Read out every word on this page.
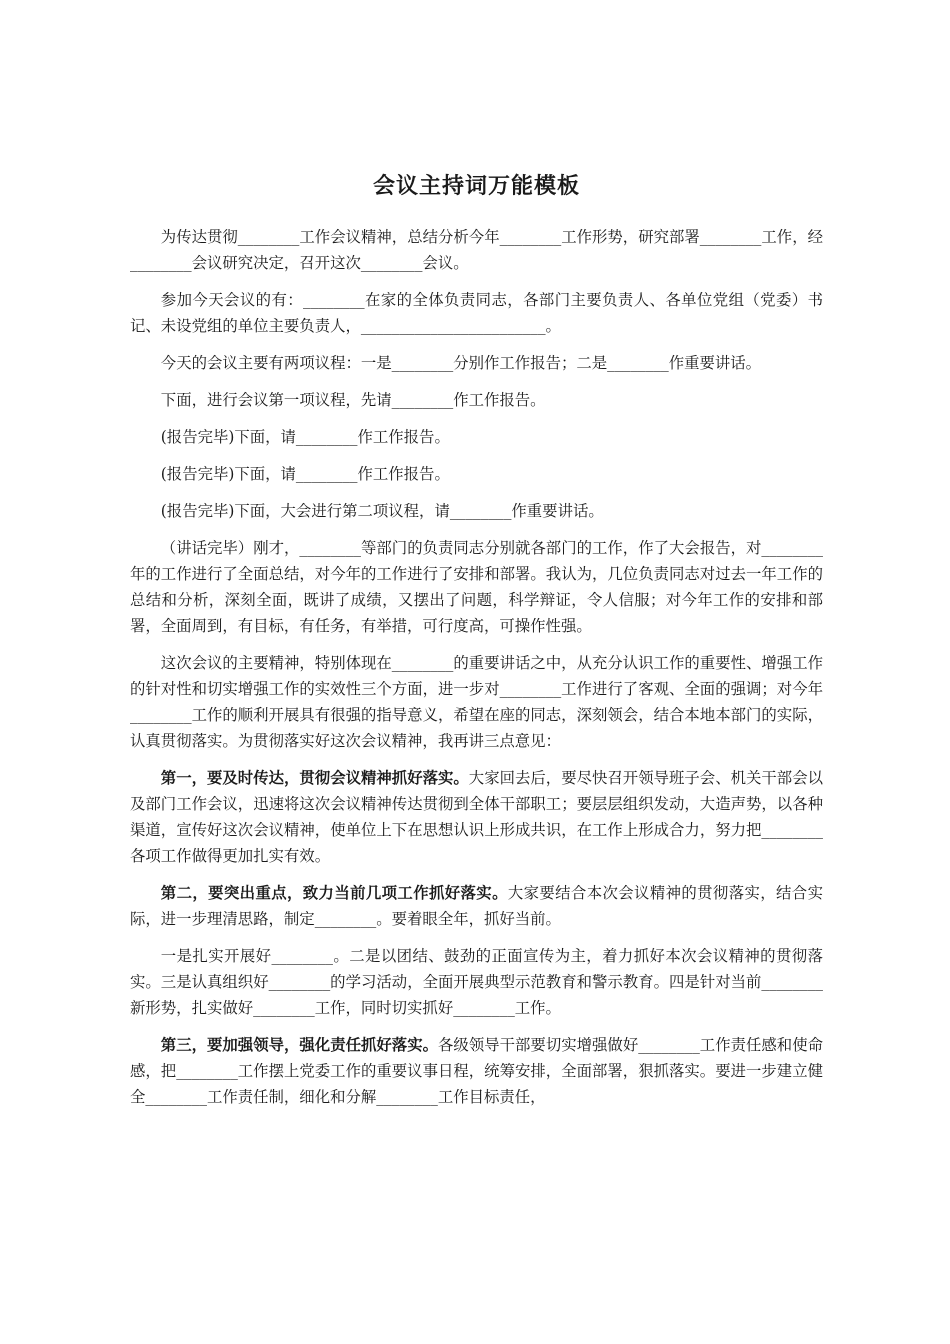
会议主持词万能模板

为传达贯彻________工作会议精神，总结分析今年________工作形势，研究部署________工作，经________会议研究决定，召开这次________会议。

参加今天会议的有：________在家的全体负责同志，各部门主要负责人、各单位党组（党委）书记、未设党组的单位主要负责人，________________________。

今天的会议主要有两项议程：一是________分别作工作报告；二是________作重要讲话。

下面，进行会议第一项议程，先请________作工作报告。

(报告完毕)下面，请________作工作报告。

(报告完毕)下面，请________作工作报告。

(报告完毕)下面，大会进行第二项议程，请________作重要讲话。

（讲话完毕）刚才，________等部门的负责同志分别就各部门的工作，作了大会报告，对________年的工作进行了全面总结，对今年的工作进行了安排和部署。我认为，几位负责同志对过去一年工作的总结和分析，深刻全面，既讲了成绩，又摆出了问题，科学辩证，令人信服；对今年工作的安排和部署，全面周到，有目标，有任务，有举措，可行度高，可操作性强。

这次会议的主要精神，特别体现在________的重要讲话之中，从充分认识工作的重要性、增强工作的针对性和切实增强工作的实效性三个方面，进一步对________工作进行了客观、全面的强调；对今年________工作的顺利开展具有很强的指导意义，希望在座的同志，深刻领会，结合本地本部门的实际，认真贯彻落实。为贯彻落实好这次会议精神，我再讲三点意见：

第一，要及时传达，贯彻会议精神抓好落实。大家回去后，要尽快召开领导班子会、机关干部会以及部门工作会议，迅速将这次会议精神传达贯彻到全体干部职工；要层层组织发动，大造声势，以各种渠道，宣传好这次会议精神，使单位上下在思想认识上形成共识，在工作上形成合力，努力把________各项工作做得更加扎实有效。

第二，要突出重点，致力当前几项工作抓好落实。大家要结合本次会议精神的贯彻落实，结合实际，进一步理清思路，制定________。要着眼全年，抓好当前。

一是扎实开展好________。二是以团结、鼓劲的正面宣传为主，着力抓好本次会议精神的贯彻落实。三是认真组织好________的学习活动，全面开展典型示范教育和警示教育。四是针对当前________新形势，扎实做好________工作，同时切实抓好________工作。

第三，要加强领导，强化责任抓好落实。各级领导干部要切实增强做好________工作责任感和使命感，把________工作摆上党委工作的重要议事日程，统筹安排，全面部署，狠抓落实。要进一步建立健全________工作责任制，细化和分解________工作目标责任，
